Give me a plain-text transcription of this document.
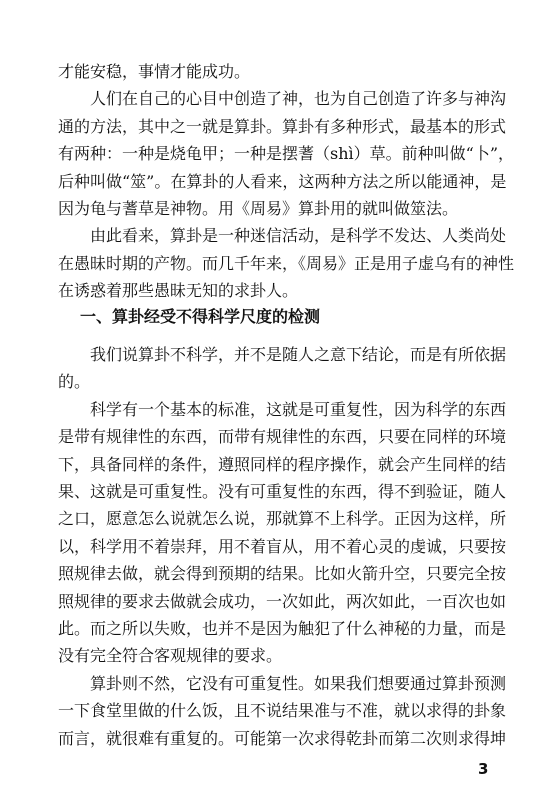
才能安稳，事情才能成功。
　　人们在自己的心目中创造了神，也为自己创造了许多与神沟
通的方法，其中之一就是算卦。算卦有多种形式，最基本的形式
有两种：一种是烧龟甲；一种是摆蓍（shì）草。前种叫做“卜”，
后种叫做“筮”。在算卦的人看来，这两种方法之所以能通神，是
因为龟与蓍草是神物。用《周易》算卦用的就叫做筮法。
　　由此看来，算卦是一种迷信活动，是科学不发达、人类尚处
在愚昧时期的产物。而几千年来，《周易》正是用子虚乌有的神性
在诱惑着那些愚昧无知的求卦人。
一、算卦经受不得科学尺度的检测
　　我们说算卦不科学，并不是随人之意下结论，而是有所依据
的。
　　科学有一个基本的标准，这就是可重复性，因为科学的东西
是带有规律性的东西，而带有规律性的东西，只要在同样的环境
下，具备同样的条件，遵照同样的程序操作，就会产生同样的结
果、这就是可重复性。没有可重复性的东西，得不到验证，随人
之口，愿意怎么说就怎么说，那就算不上科学。正因为这样，所
以，科学用不着崇拜，用不着盲从，用不着心灵的虔诚，只要按
照规律去做，就会得到预期的结果。比如火箭升空，只要完全按
照规律的要求去做就会成功，一次如此，两次如此，一百次也如
此。而之所以失败，也并不是因为触犯了什么神秘的力量，而是
没有完全符合客观规律的要求。
　　算卦则不然，它没有可重复性。如果我们想要通过算卦预测
一下食堂里做的什么饭，且不说结果准与不准，就以求得的卦象
而言，就很难有重复的。可能第一次求得乾卦而第二次则求得坤
3
